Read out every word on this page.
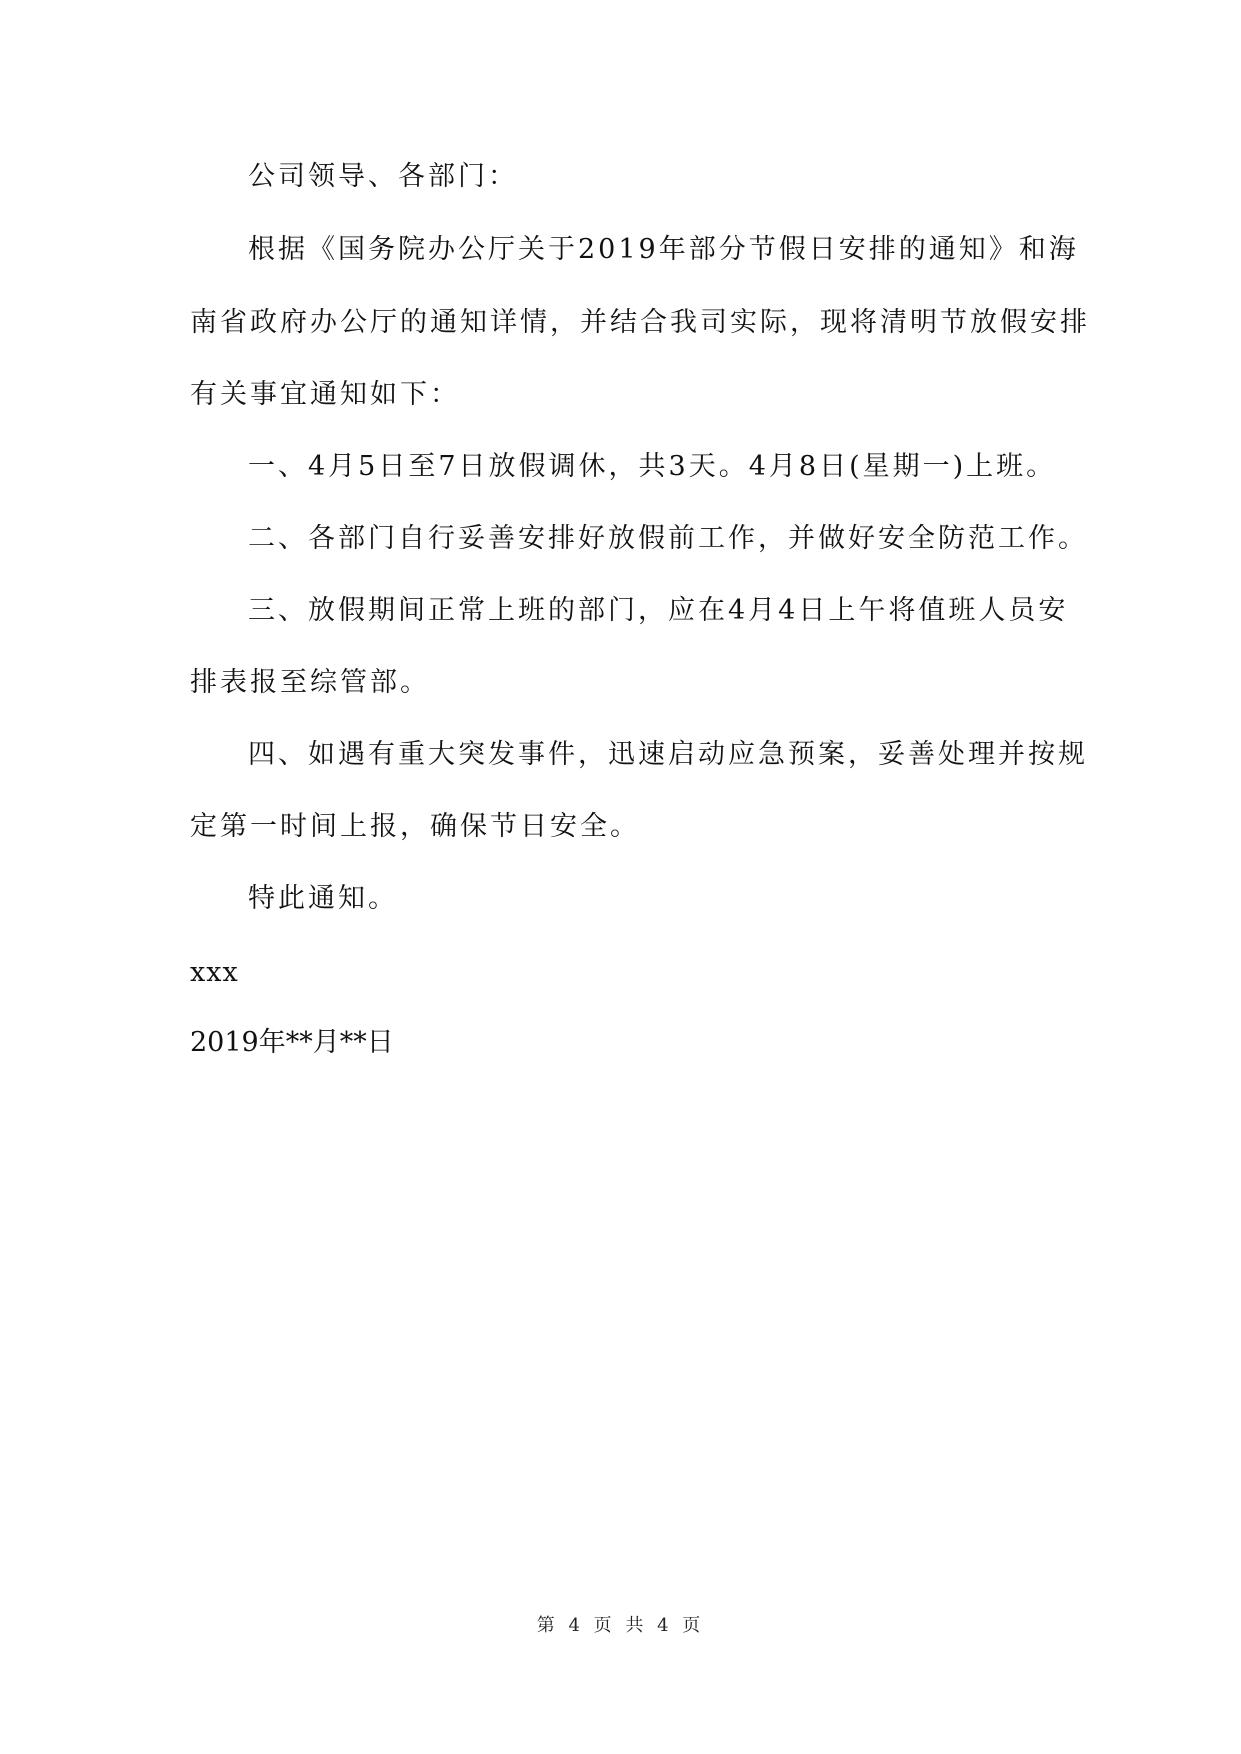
公司领导、各部门：

根据《国务院办公厅关于2019年部分节假日安排的通知》和海

南省政府办公厅的通知详情，并结合我司实际，现将清明节放假安排

有关事宜通知如下：

一、4月5日至7日放假调休，共3天。4月8日(星期一)上班。

二、各部门自行妥善安排好放假前工作，并做好安全防范工作。

三、放假期间正常上班的部门，应在4月4日上午将值班人员安

排表报至综管部。

四、如遇有重大突发事件，迅速启动应急预案，妥善处理并按规

定第一时间上报，确保节日安全。

特此通知。

xxx

2019年**月**日

第 4 页 共 4 页
